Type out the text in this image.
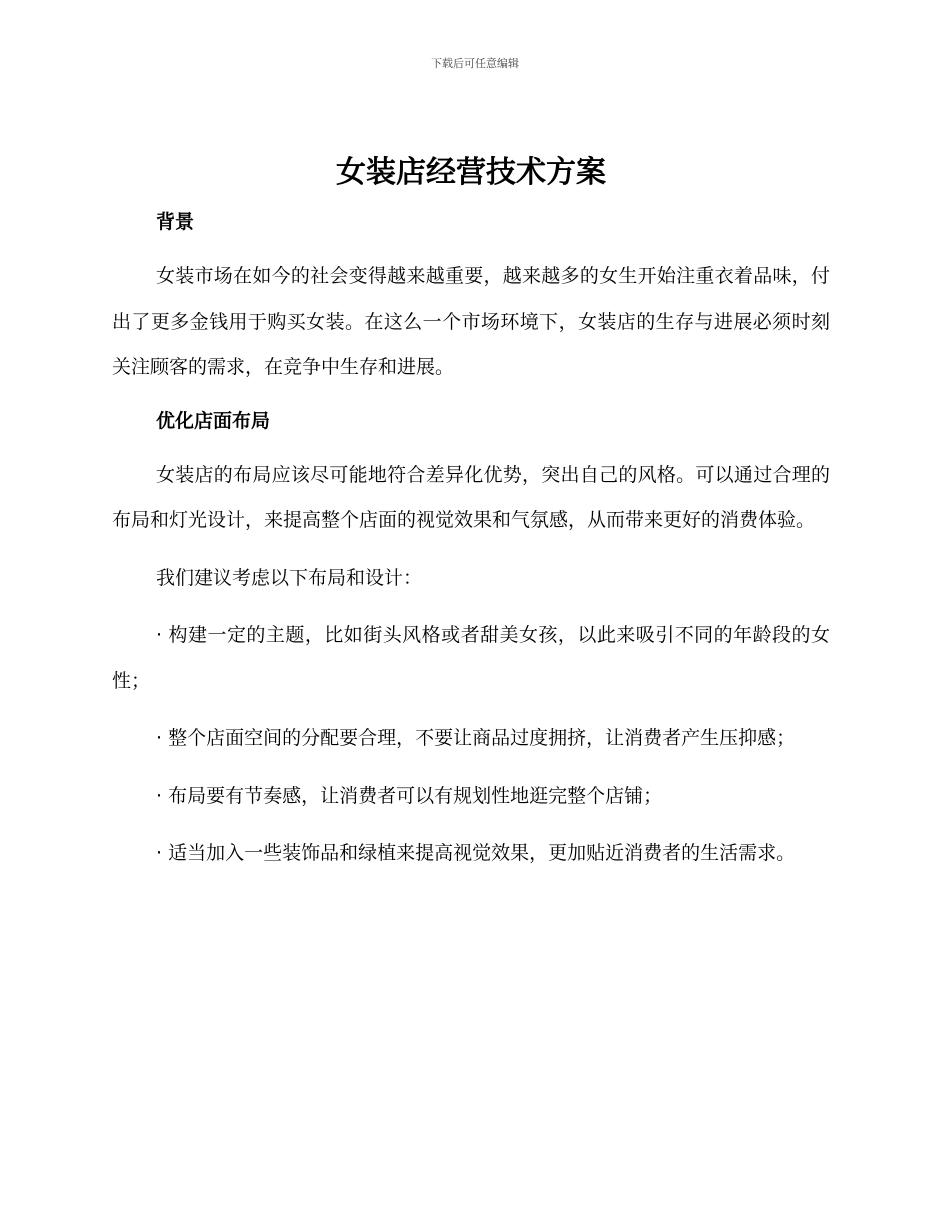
下载后可任意编辑
女装店经营技术方案
背景

女装市场在如今的社会变得越来越重要，越来越多的女生开始注重衣着品味，付出了更多金钱用于购买女装。在这么一个市场环境下，女装店的生存与进展必须时刻关注顾客的需求，在竞争中生存和进展。

优化店面布局

女装店的布局应该尽可能地符合差异化优势，突出自己的风格。可以通过合理的布局和灯光设计，来提高整个店面的视觉效果和气氛感，从而带来更好的消费体验。

我们建议考虑以下布局和设计：

· 构建一定的主题，比如街头风格或者甜美女孩，以此来吸引不同的年龄段的女性；

· 整个店面空间的分配要合理，不要让商品过度拥挤，让消费者产生压抑感；

· 布局要有节奏感，让消费者可以有规划性地逛完整个店铺；

· 适当加入一些装饰品和绿植来提高视觉效果，更加贴近消费者的生活需求。
